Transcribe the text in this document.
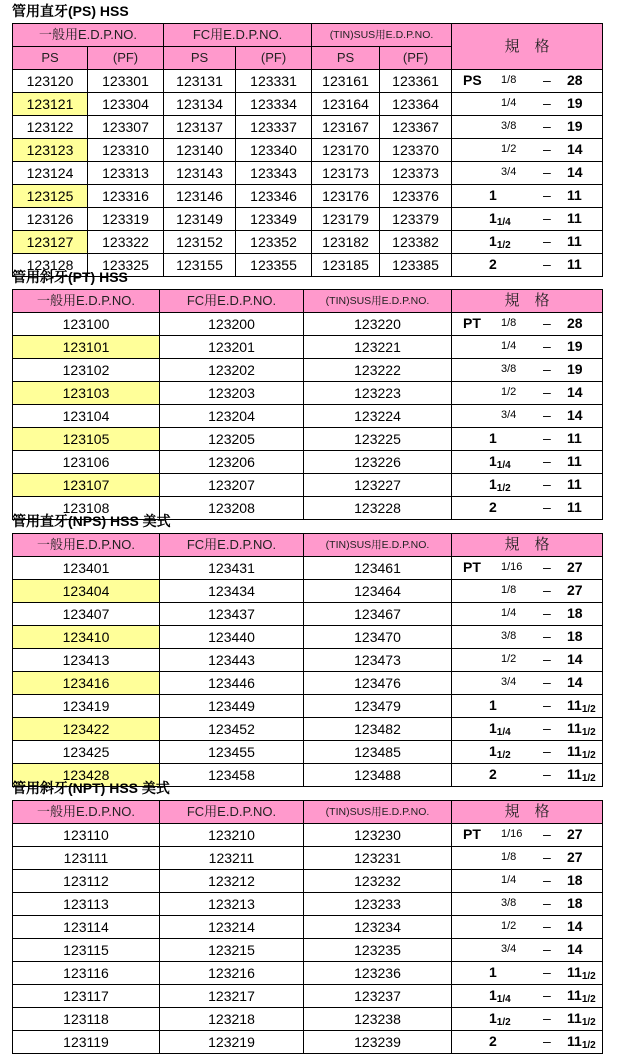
管用直牙(PS) HSS
一般用E.D.P.NO.		FC用E.D.P.NO.		(TIN)SUS用E.D.P.NO.		規　格
PS	(PF)	PS	(PF)	PS	(PF)	
123120	123301	123131	123331	123161	123361	PS 1/8 – 28

123121	123304	123134	123334	123164	123364	1/4 – 19

123122	123307	123137	123337	123167	123367	3/8 – 19

123123	123310	123140	123340	123170	123370	1/2 – 14

123124	123313	123143	123343	123173	123373	3/4 – 14

123125	123316	123146	123346	123176	123376	1 – 11

123126	123319	123149	123349	123179	123379	$1_{1/4} - 11$

123127	123322	123152	123352	123182	123382	$1_{1/2} - 11$

123128	123325	123155	123355	123185	123385	2 – 11
管用斜牙(PT) HSS
一般用E.D.P.NO.	FC用E.D.P.NO.	(TIN)SUS用E.D.P.NO.	規　格
123100	123200	123220	PT 1/8 – 28

123101	123201	123221	1/4 – 19

123102	123202	123222	3/8 – 19

123103	123203	123223	1/2 – 14

123104	123204	123224	3/4 – 14

123105	123205	123225	1 – 11

123106	123206	123226	$1_{1/4} - 11$

123107	123207	123227	$1_{1/2} - 11$

123108	123208	123228	2 – 11
管用直牙(NPS) HSS 美式
一般用E.D.P.NO.	FC用E.D.P.NO.	(TIN)SUS用E.D.P.NO.	規　格
123401	123431	123461	PT 1/16 – 27

123404	123434	123464	1/8 – 27

123407	123437	123467	1/4 – 18

123410	123440	123470	3/8 – 18

123413	123443	123473	1/2 – 14

123416	123446	123476	3/4 – 14

123419	123449	123479	$1 - 11_{1/2}$

123422	123452	123482	$1_{1/4} - 11_{1/2}$

123425	123455	123485	$1_{1/2} - 11_{1/2}$

123428	123458	123488	$2 - 11_{1/2}$
管用斜牙(NPT) HSS 美式
一般用E.D.P.NO.	FC用E.D.P.NO.	(TIN)SUS用E.D.P.NO.	規　格
123110	123210	123230	PT 1/16 – 27

123111	123211	123231	1/8 – 27

123112	123212	123232	1/4 – 18

123113	123213	123233	3/8 – 18

123114	123214	123234	1/2 – 14

123115	123215	123235	3/4 – 14

123116	123216	123236	$1 - 11_{1/2}$

123117	123217	123237	$1_{1/4} - 11_{1/2}$

123118	123218	123238	$1_{1/2} - 11_{1/2}$

123119	123219	123239	$2 - 11_{1/2}$
